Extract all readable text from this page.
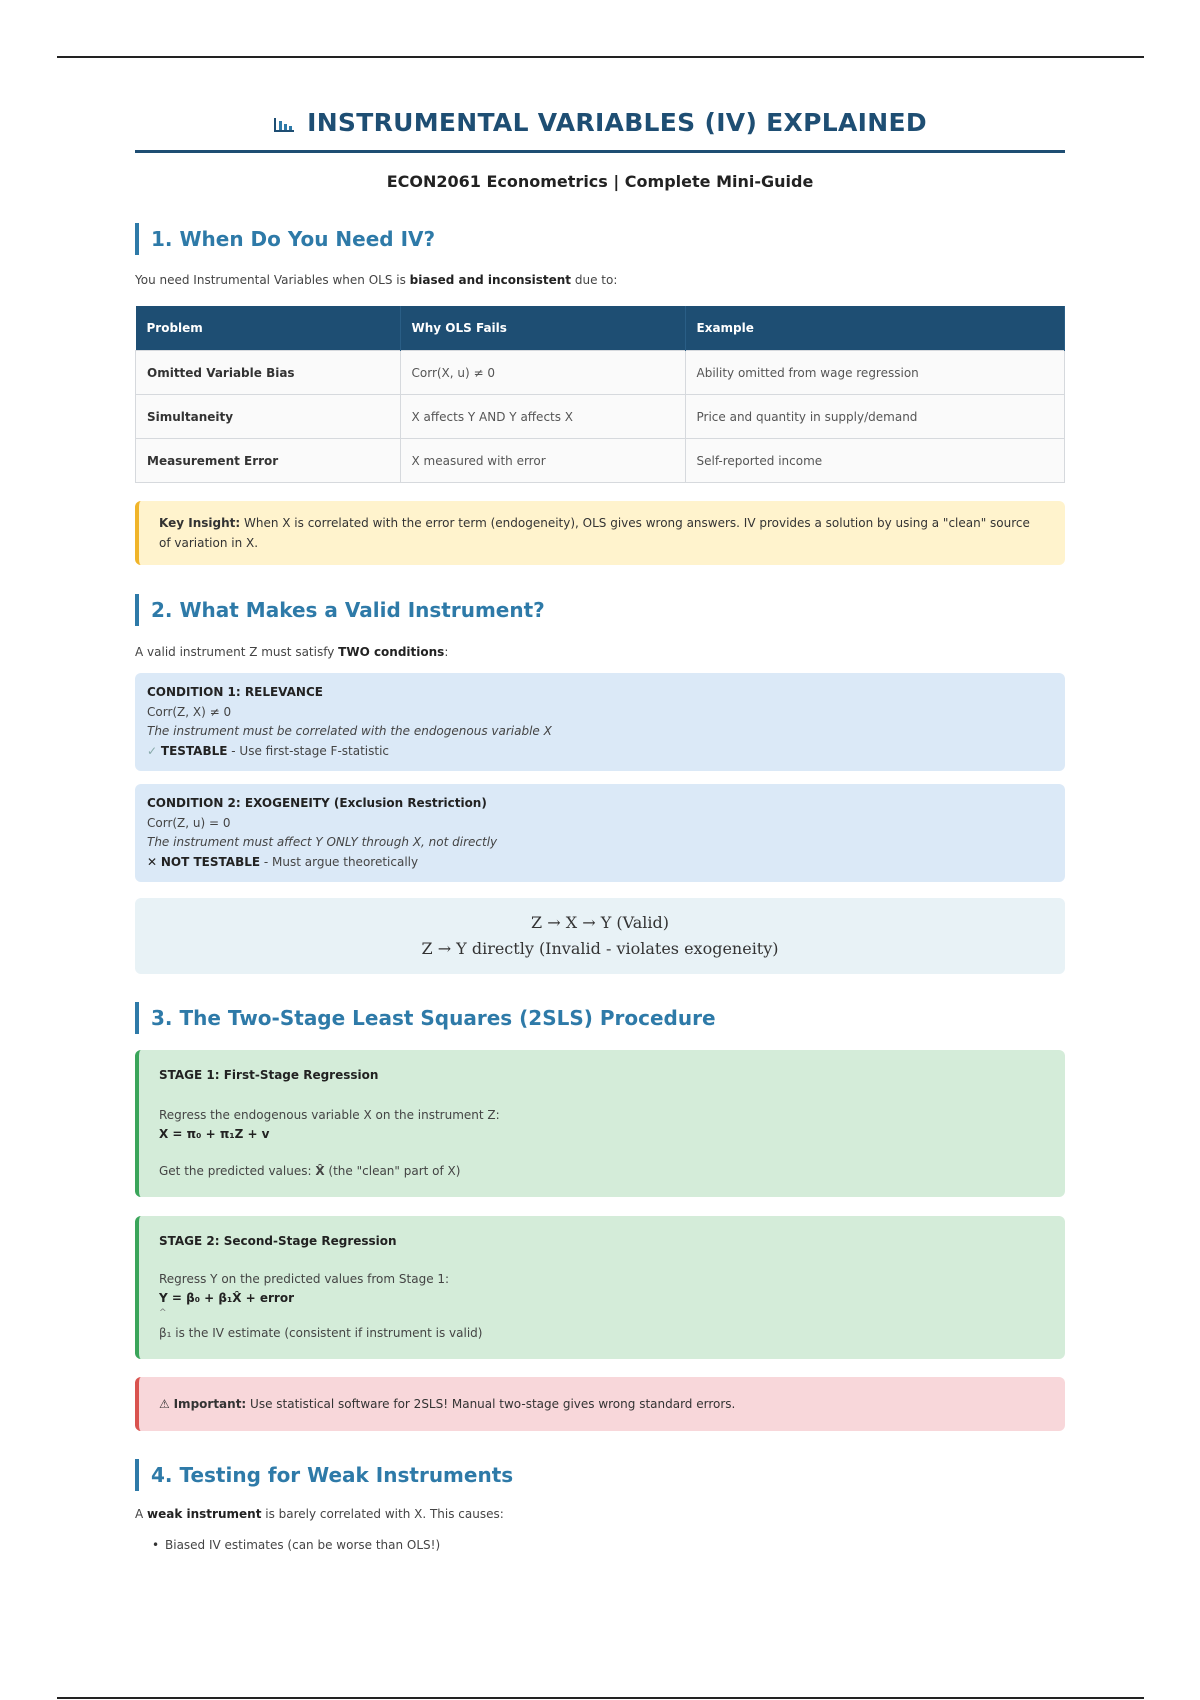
INSTRUMENTAL VARIABLES (IV) EXPLAINED

ECON2061 Econometrics | Complete Mini-Guide

1. When Do You Need IV?

You need Instrumental Variables when OLS is biased and inconsistent due to:

Problem	Why OLS Fails	Example
Omitted Variable Bias	Corr(X, u) ≠ 0	Ability omitted from wage regression
Simultaneity	X affects Y AND Y affects X	Price and quantity in supply/demand
Measurement Error	X measured with error	Self-reported income
Key Insight: When X is correlated with the error term (endogeneity), OLS gives wrong answers. IV provides a solution by using a "clean" source of variation in X.
2. What Makes a Valid Instrument?

A valid instrument Z must satisfy TWO conditions:

CONDITION 1: RELEVANCE
Corr(Z, X) ≠ 0
The instrument must be correlated with the endogenous variable X
✓ TESTABLE - Use first-stage F-statistic
CONDITION 2: EXOGENEITY (Exclusion Restriction)
Corr(Z, u) = 0
The instrument must affect Y ONLY through X, not directly
✕ NOT TESTABLE - Must argue theoretically
Z → X → Y (Valid)
Z → Y directly (Invalid - violates exogeneity)
3. The Two-Stage Least Squares (2SLS) Procedure
STAGE 1: First-Stage Regression
Regress the endogenous variable X on the instrument Z:
X = π₀ + π₁Z + v
Get the predicted values: X̂ (the "clean" part of X)
STAGE 2: Second-Stage Regression
Regress Y on the predicted values from Stage 1:
Y = β₀ + β₁X̂ + error
^
β₁ is the IV estimate (consistent if instrument is valid)
⚠ Important: Use statistical software for 2SLS! Manual two-stage gives wrong standard errors.
4. Testing for Weak Instruments

A weak instrument is barely correlated with X. This causes:

• Biased IV estimates (can be worse than OLS!)
